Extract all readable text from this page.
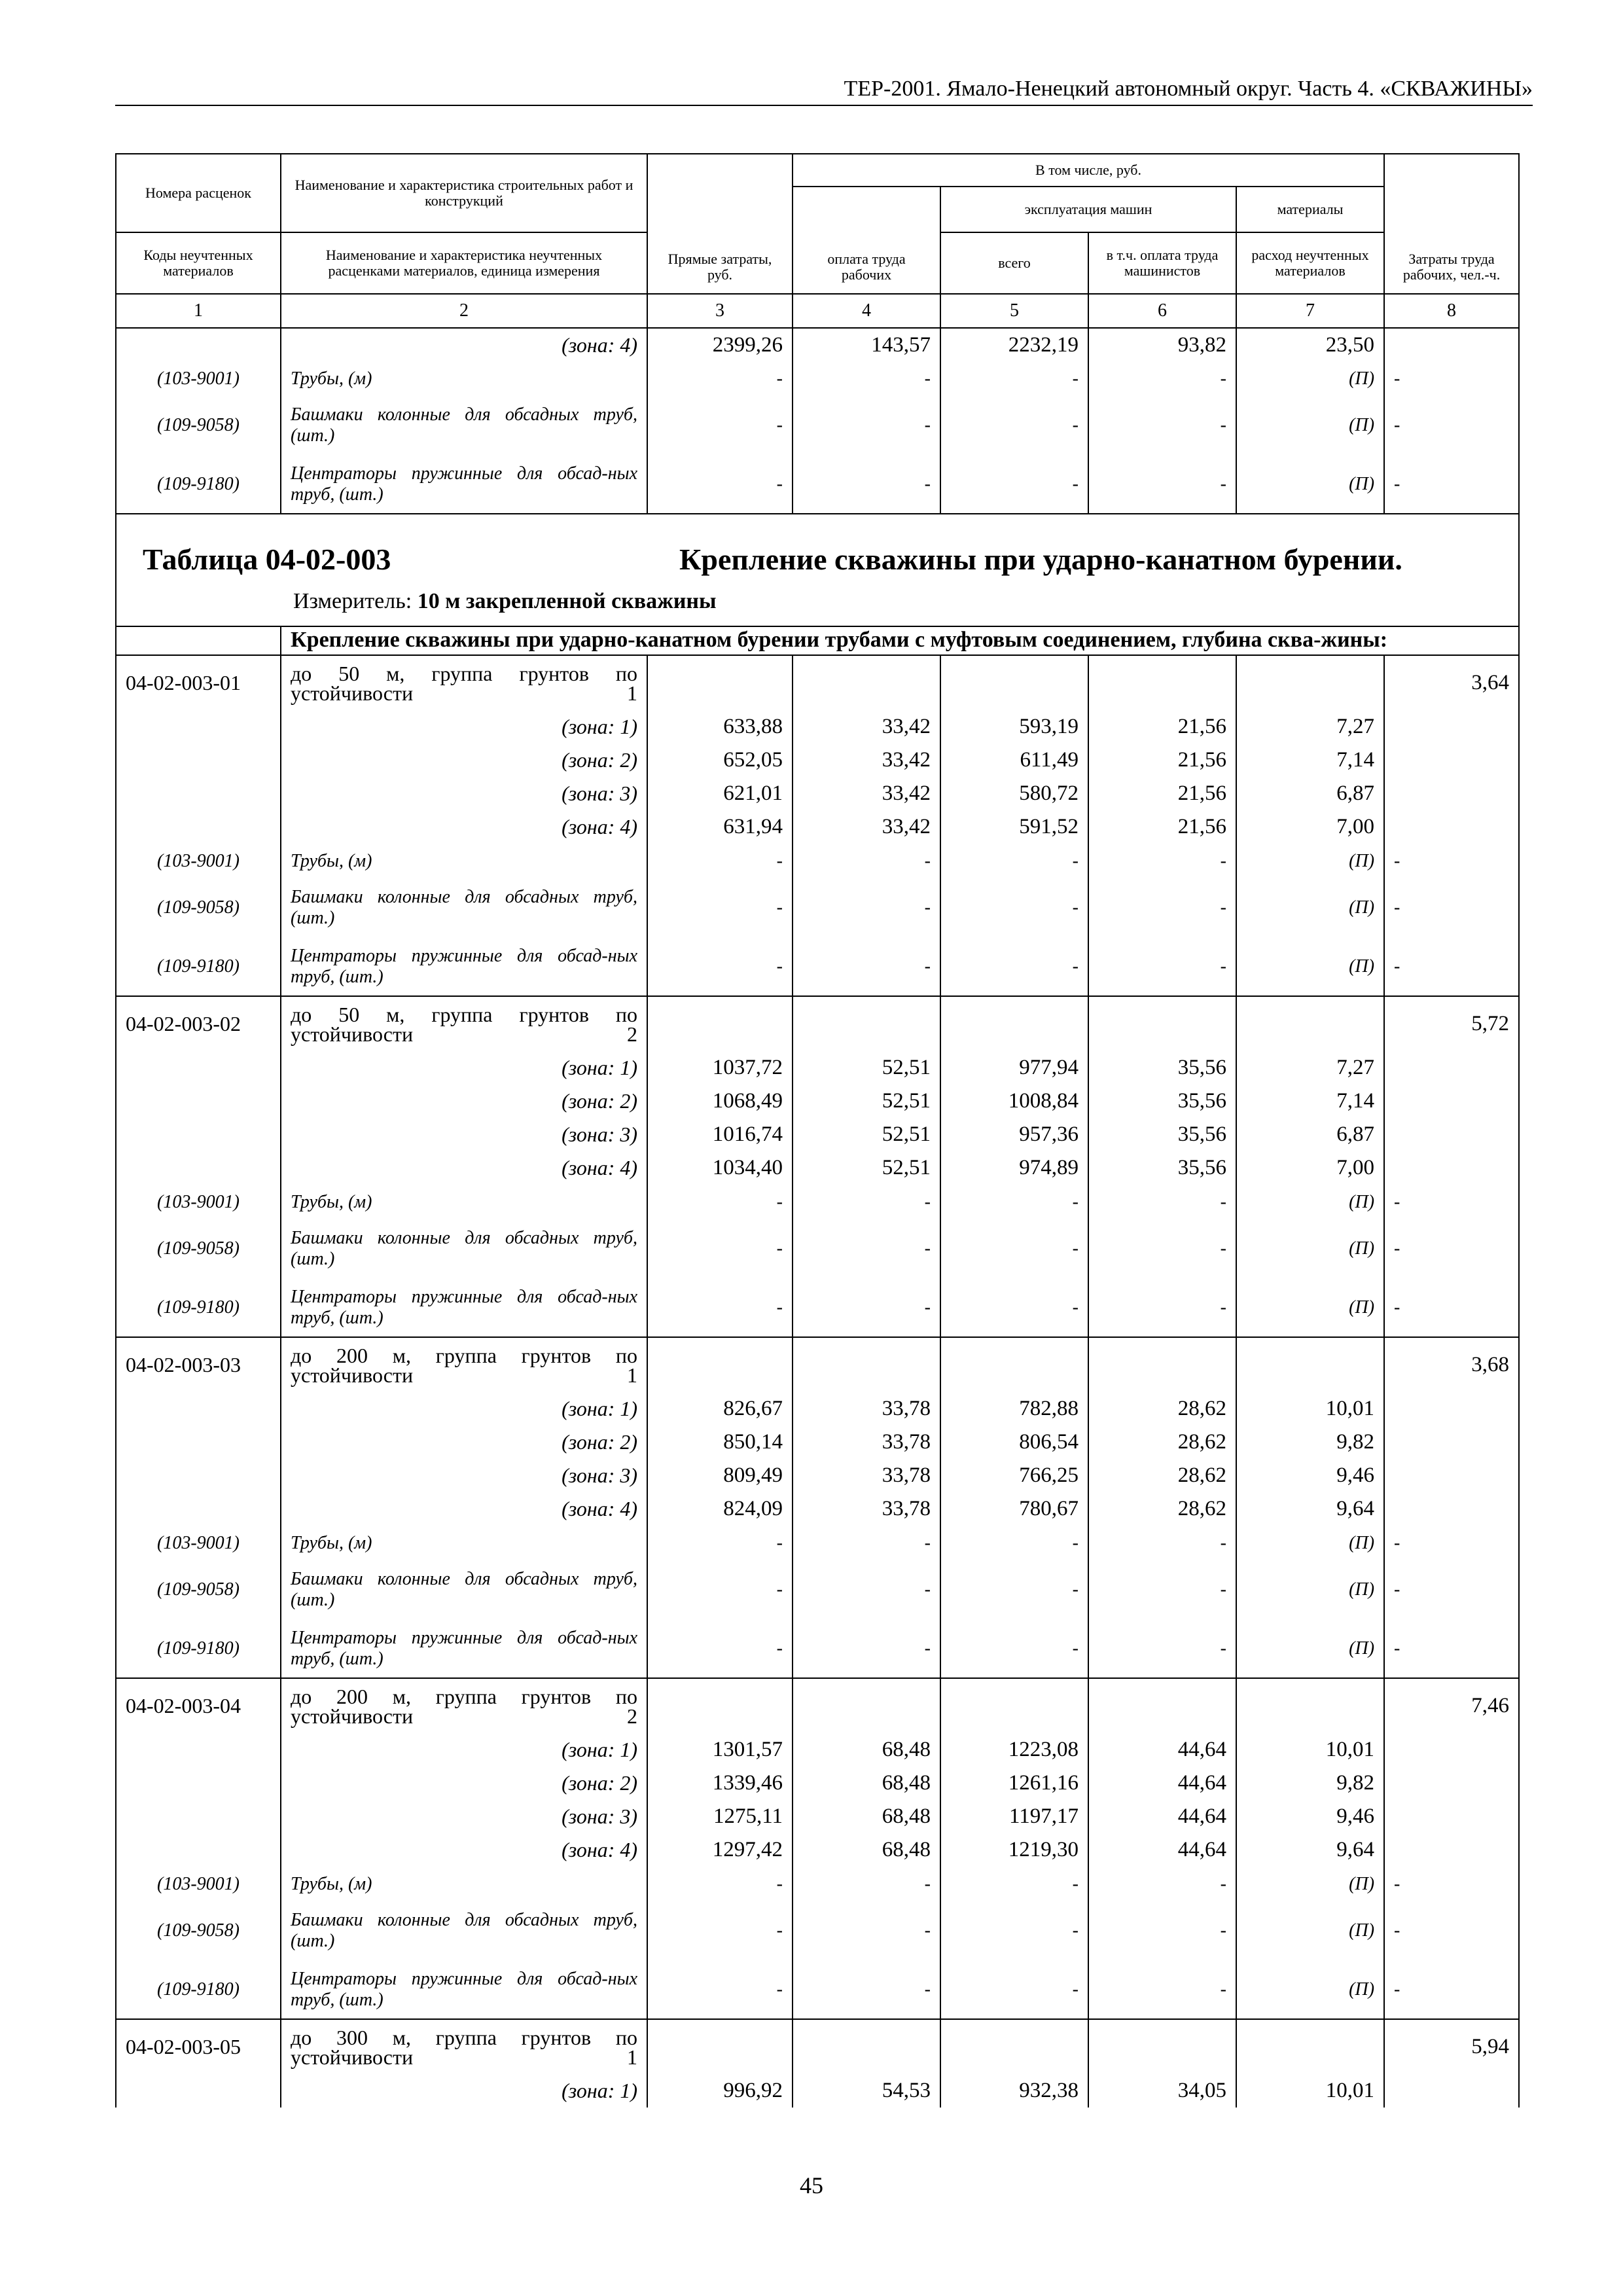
ТЕР-2001. Ямало-Ненецкий автономный округ. Часть 4. «СКВАЖИНЫ»
Номера расценок	Наименование и характеристика строительных работ и конструкций	Прямые затраты, руб.	В том числе, руб.				Затраты труда рабочих, чел.-ч.
			оплата труда рабочих	эксплуатация машин		материалы	
Коды неучтенных материалов	Наименование и характеристика неучтенных расценками материалов, единица измерения			всего	в т.ч. оплата труда машинистов	расход неучтенных материалов	
1	2	3	4	5	6	7	8
	(зона: 4)	2399,26	143,57	2232,19	93,82	23,50	
(103-9001)	Трубы, (м)	-	-	-	-	(П)	-
(109-9058)	Башмаки колонные для обсадных труб, (шт.)	-	-	-	-	(П)	-
(109-9180)	Центраторы пружинные для обсад-ных труб, (шт.)	-	-	-	-	(П)	-

Таблица 04-02-003 Крепление скважины при ударно-канатном бурении.
Измеритель: 10 м закрепленной скважины							

	Крепление скважины при ударно-канатном бурении трубами с муфтовым соединением, глубина сква-жины:						

04-02-003-01	до 50 м, группа грунтов по устойчивости 1						3,64
	(зона: 1)	633,88	33,42	593,19	21,56	7,27	
	(зона: 2)	652,05	33,42	611,49	21,56	7,14	
	(зона: 3)	621,01	33,42	580,72	21,56	6,87	
	(зона: 4)	631,94	33,42	591,52	21,56	7,00	
(103-9001)	Трубы, (м)	-	-	-	-	(П)	-
(109-9058)	Башмаки колонные для обсадных труб, (шт.)	-	-	-	-	(П)	-
(109-9180)	Центраторы пружинные для обсад-ных труб, (шт.)	-	-	-	-	(П)	-
04-02-003-02	до 50 м, группа грунтов по устойчивости 2						5,72
	(зона: 1)	1037,72	52,51	977,94	35,56	7,27	
	(зона: 2)	1068,49	52,51	1008,84	35,56	7,14	
	(зона: 3)	1016,74	52,51	957,36	35,56	6,87	
	(зона: 4)	1034,40	52,51	974,89	35,56	7,00	
(103-9001)	Трубы, (м)	-	-	-	-	(П)	-
(109-9058)	Башмаки колонные для обсадных труб, (шт.)	-	-	-	-	(П)	-
(109-9180)	Центраторы пружинные для обсад-ных труб, (шт.)	-	-	-	-	(П)	-
04-02-003-03	до 200 м, группа грунтов по устойчивости 1						3,68
	(зона: 1)	826,67	33,78	782,88	28,62	10,01	
	(зона: 2)	850,14	33,78	806,54	28,62	9,82	
	(зона: 3)	809,49	33,78	766,25	28,62	9,46	
	(зона: 4)	824,09	33,78	780,67	28,62	9,64	
(103-9001)	Трубы, (м)	-	-	-	-	(П)	-
(109-9058)	Башмаки колонные для обсадных труб, (шт.)	-	-	-	-	(П)	-
(109-9180)	Центраторы пружинные для обсад-ных труб, (шт.)	-	-	-	-	(П)	-
04-02-003-04	до 200 м, группа грунтов по устойчивости 2						7,46
	(зона: 1)	1301,57	68,48	1223,08	44,64	10,01	
	(зона: 2)	1339,46	68,48	1261,16	44,64	9,82	
	(зона: 3)	1275,11	68,48	1197,17	44,64	9,46	
	(зона: 4)	1297,42	68,48	1219,30	44,64	9,64	
(103-9001)	Трубы, (м)	-	-	-	-	(П)	-
(109-9058)	Башмаки колонные для обсадных труб, (шт.)	-	-	-	-	(П)	-
(109-9180)	Центраторы пружинные для обсад-ных труб, (шт.)	-	-	-	-	(П)	-
04-02-003-05	до 300 м, группа грунтов по устойчивости 1						5,94
	(зона: 1)	996,92	54,53	932,38	34,05	10,01	
45
